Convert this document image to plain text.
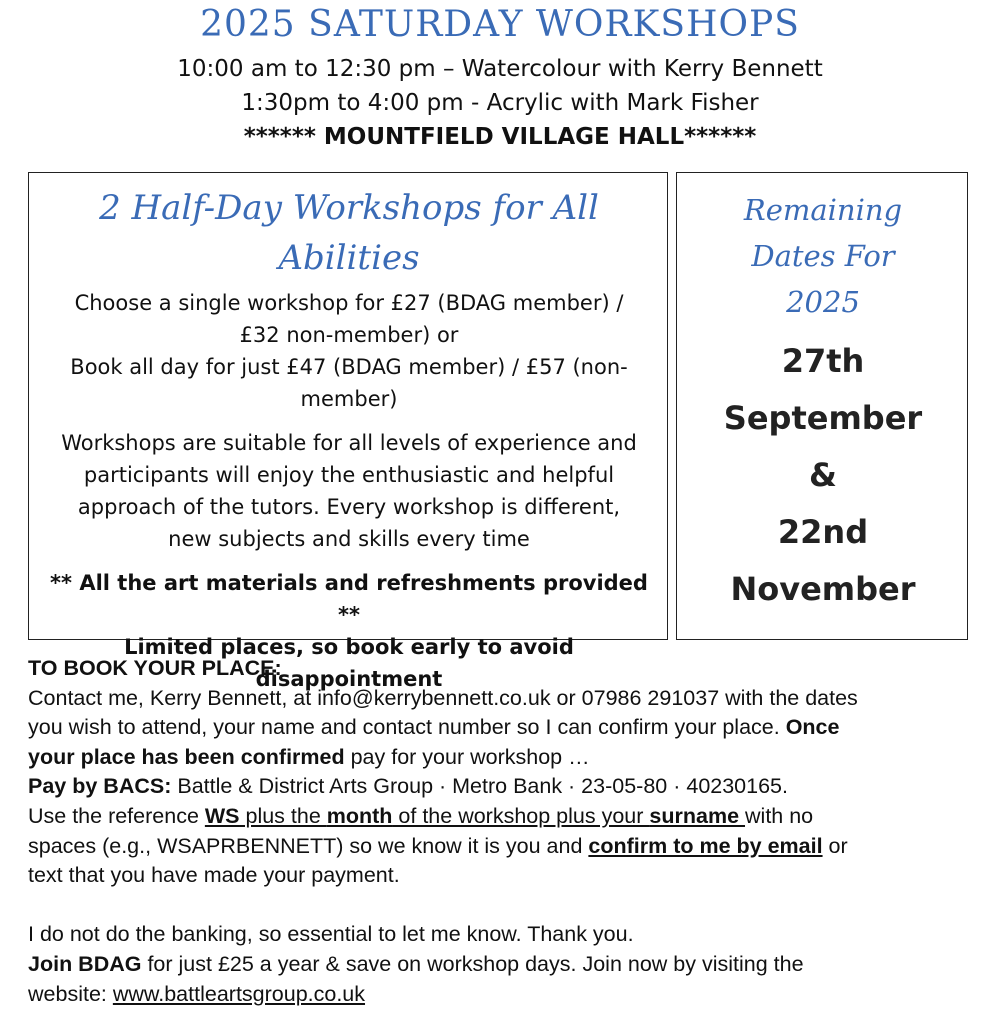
2025 SATURDAY WORKSHOPS
10:00 am to 12:30 pm – Watercolour with Kerry Bennett
1:30pm to 4:00 pm - Acrylic with Mark Fisher
****** MOUNTFIELD VILLAGE HALL******
2 Half-Day Workshops for All
Abilities
Choose a single workshop for £27 (BDAG member) /
£32 non-member) or
Book all day for just £47 (BDAG member) / £57 (non-
member)
Workshops are suitable for all levels of experience and
participants will enjoy the enthusiastic and helpful
approach of the tutors. Every workshop is different,
new subjects and skills every time
** All the art materials and refreshments provided **
Limited places, so book early to avoid disappointment
Remaining
Dates For
2025
27th
September
&
22nd
November
TO BOOK YOUR PLACE:
Contact me, Kerry Bennett, at info@kerrybennett.co.uk or 07986 291037 with the dates
you wish to attend, your name and contact number so I can confirm your place. Once
your place has been confirmed pay for your workshop …
Pay by BACS: Battle & District Arts Group · Metro Bank · 23-05-80 · 40230165.
Use the reference WS plus the month of the workshop plus your surname with no
spaces (e.g., WSAPRBENNETT) so we know it is you and confirm to me by email or
text that you have made your payment.
I do not do the banking, so essential to let me know. Thank you.
Join BDAG for just £25 a year & save on workshop days. Join now by visiting the
website: www.battleartsgroup.co.uk
